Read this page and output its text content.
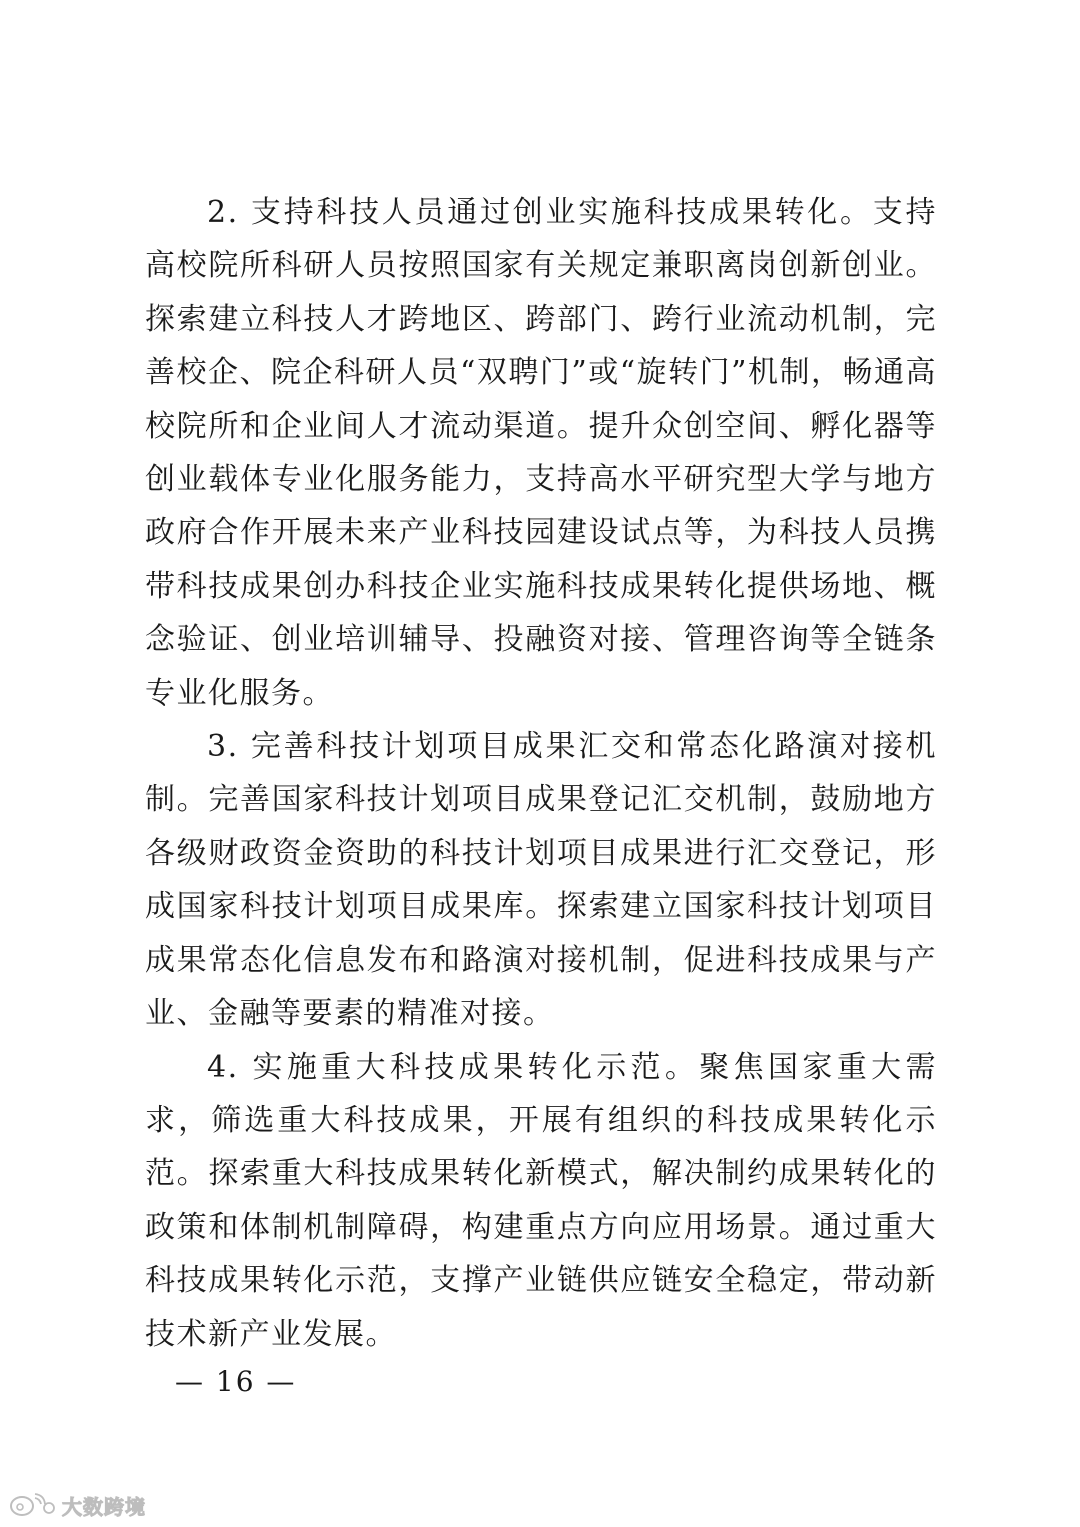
2. 支持科技人员通过创业实施科技成果转化。支持高校院所科研人员按照国家有关规定兼职离岗创新创业。探索建立科技人才跨地区、跨部门、跨行业流动机制，完善校企、院企科研人员“双聘门”或“旋转门”机制，畅通高校院所和企业间人才流动渠道。提升众创空间、孵化器等创业载体专业化服务能力，支持高水平研究型大学与地方政府合作开展未来产业科技园建设试点等，为科技人员携带科技成果创办科技企业实施科技成果转化提供场地、概念验证、创业培训辅导、投融资对接、管理咨询等全链条专业化服务。

3. 完善科技计划项目成果汇交和常态化路演对接机制。完善国家科技计划项目成果登记汇交机制，鼓励地方各级财政资金资助的科技计划项目成果进行汇交登记，形成国家科技计划项目成果库。探索建立国家科技计划项目成果常态化信息发布和路演对接机制，促进科技成果与产业、金融等要素的精准对接。

4. 实施重大科技成果转化示范。聚焦国家重大需求，筛选重大科技成果，开展有组织的科技成果转化示范。探索重大科技成果转化新模式，解决制约成果转化的政策和体制机制障碍，构建重点方向应用场景。通过重大科技成果转化示范，支撑产业链供应链安全稳定，带动新技术新产业发展。

— 16 —
大数跨境
